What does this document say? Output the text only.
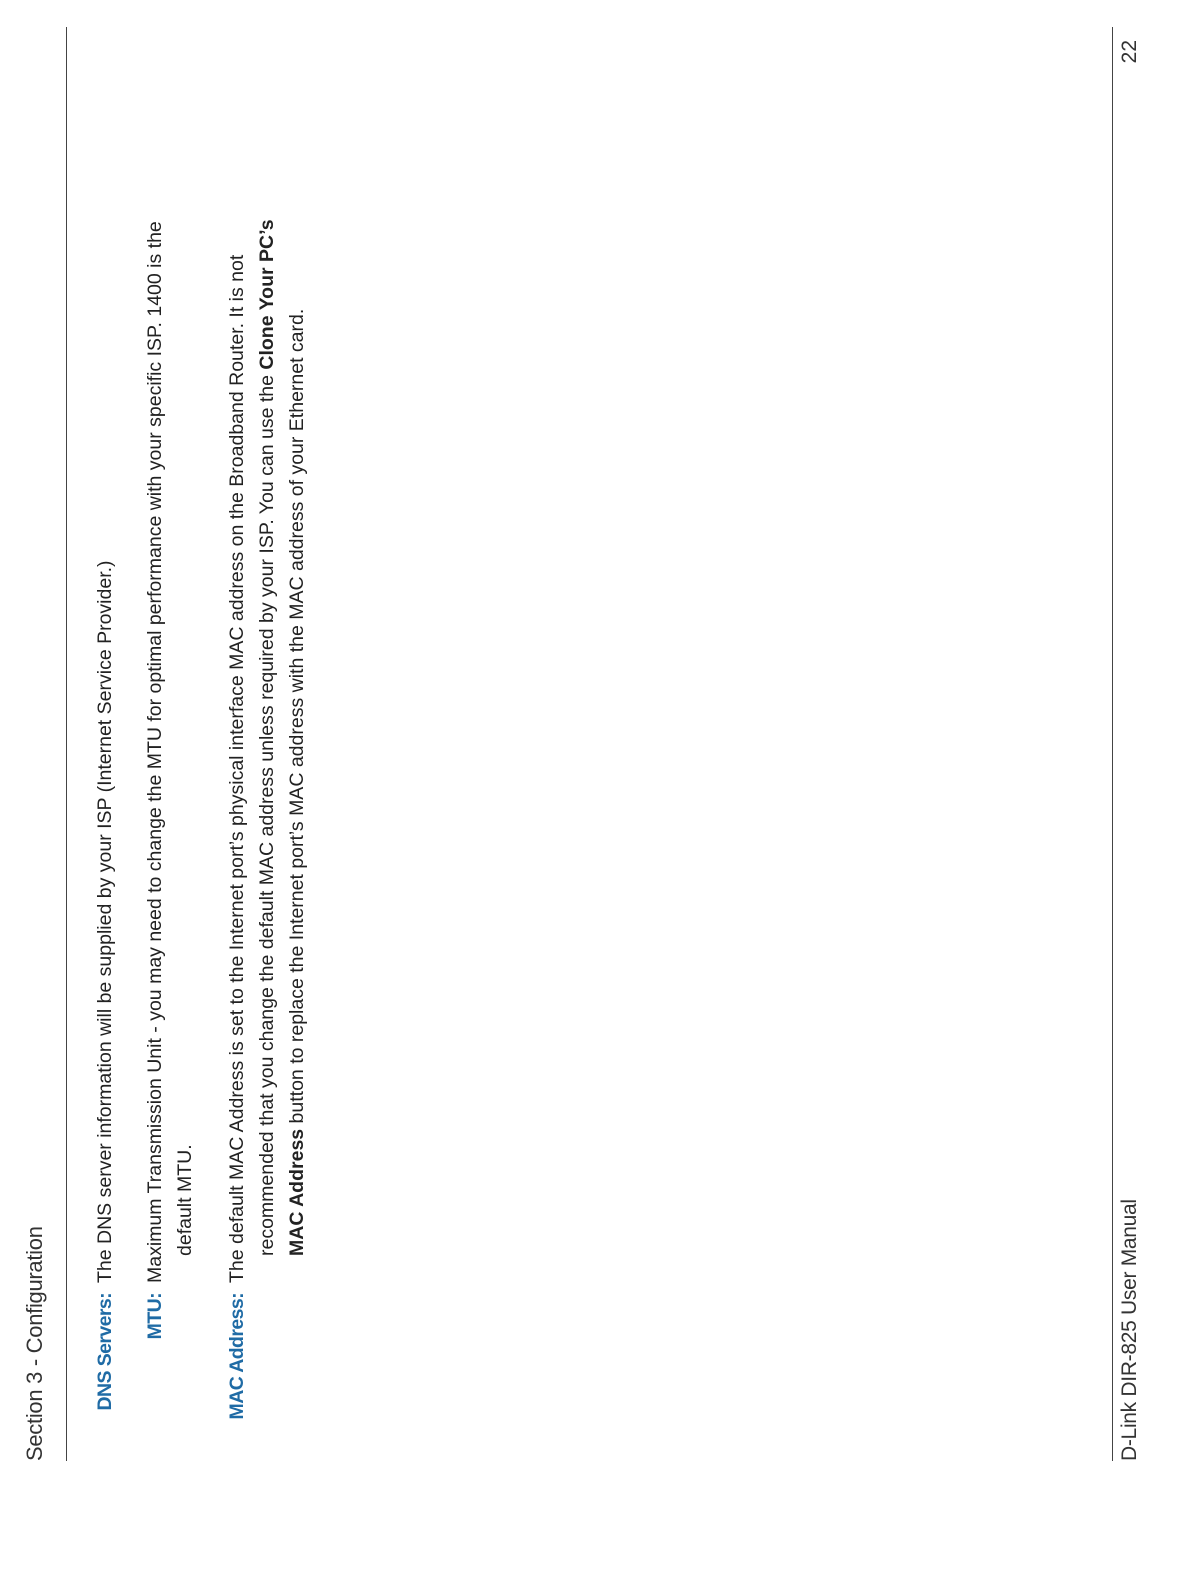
Section 3 - Configuration DNS Servers:
The DNS server information will be supplied by your ISP (Internet Service Provider.)
MTU:
Maximum Transmission Unit - you may need to change the MTU for optimal performance with your specific ISP. 1400 is the default MTU.
MAC Address:
The default MAC Address is set to the Internet port’s physical interface MAC address on the Broadband Router. It is not recommended that you change the default MAC address unless required by your ISP. You can use the Clone Your PC’s
MAC Address button to replace the Internet port’s MAC address with the MAC address of your Ethernet card.
D-Link DIR-825 User Manual
22
